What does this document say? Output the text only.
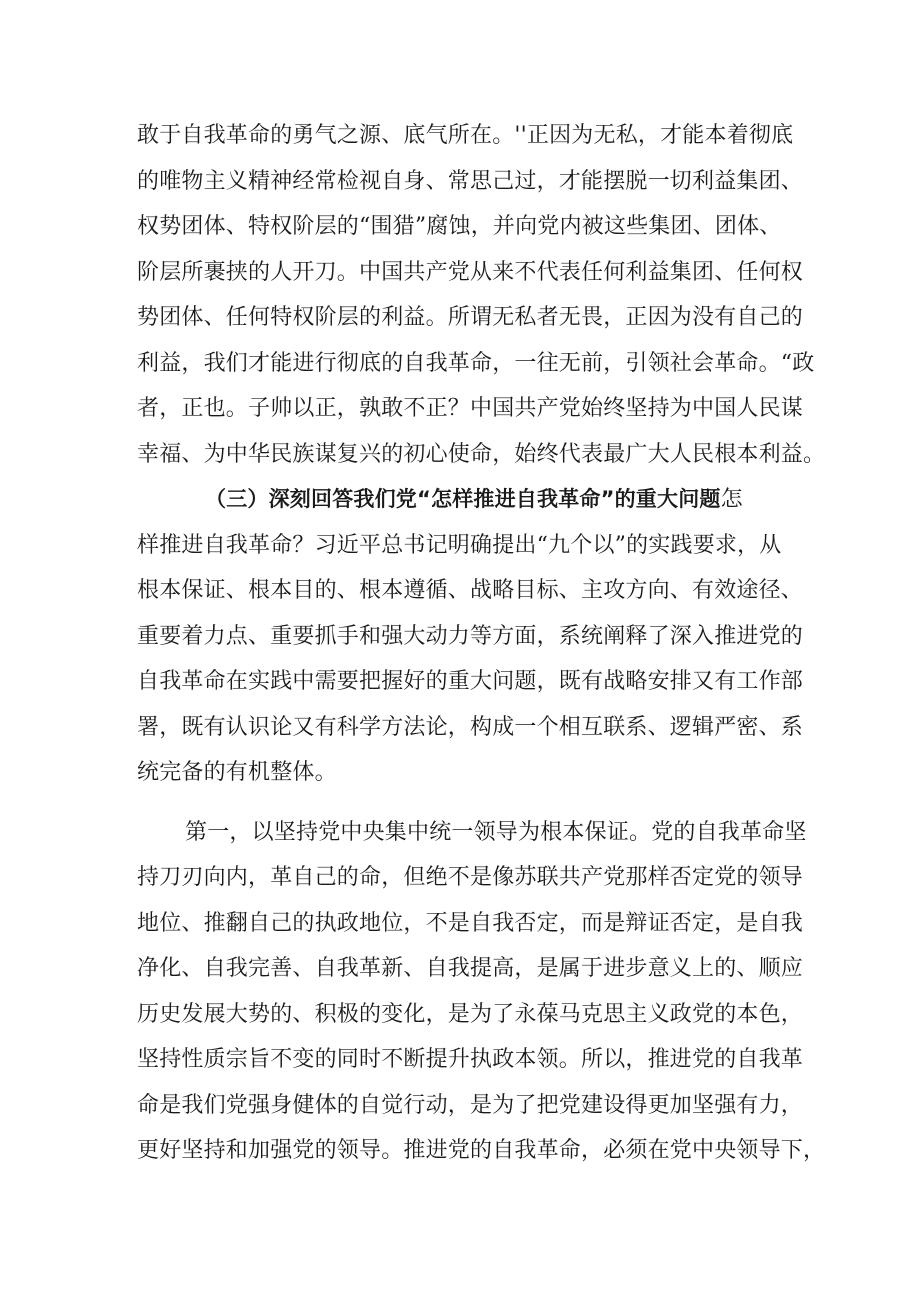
敢于自我革命的勇气之源、底气所在。''正因为无私，才能本着彻底
的唯物主义精神经常检视自身、常思己过，才能摆脱一切利益集团、
权势团体、特权阶层的“围猎”腐蚀，并向党内被这些集团、团体、
阶层所裹挟的人开刀。中国共产党从来不代表任何利益集团、任何权
势团体、任何特权阶层的利益。所谓无私者无畏，正因为没有自己的
利益，我们才能进行彻底的自我革命，一往无前，引领社会革命。“政
者，正也。子帅以正，孰敢不正？中国共产党始终坚持为中国人民谋
幸福、为中华民族谋复兴的初心使命，始终代表最广大人民根本利益。
（三）深刻回答我们党“怎样推进自我革命”的重大问题怎
样推进自我革命？习近平总书记明确提出“九个以”的实践要求，从
根本保证、根本目的、根本遵循、战略目标、主攻方向、有效途径、
重要着力点、重要抓手和强大动力等方面，系统阐释了深入推进党的
自我革命在实践中需要把握好的重大问题，既有战略安排又有工作部
署，既有认识论又有科学方法论，构成一个相互联系、逻辑严密、系
统完备的有机整体。
第一，以坚持党中央集中统一领导为根本保证。党的自我革命坚
持刀刃向内，革自己的命，但绝不是像苏联共产党那样否定党的领导
地位、推翻自己的执政地位，不是自我否定，而是辩证否定，是自我
净化、自我完善、自我革新、自我提高，是属于进步意义上的、顺应
历史发展大势的、积极的变化，是为了永葆马克思主义政党的本色，
坚持性质宗旨不变的同时不断提升执政本领。所以，推进党的自我革
命是我们党强身健体的自觉行动，是为了把党建设得更加坚强有力，
更好坚持和加强党的领导。推进党的自我革命，必须在党中央领导下，
